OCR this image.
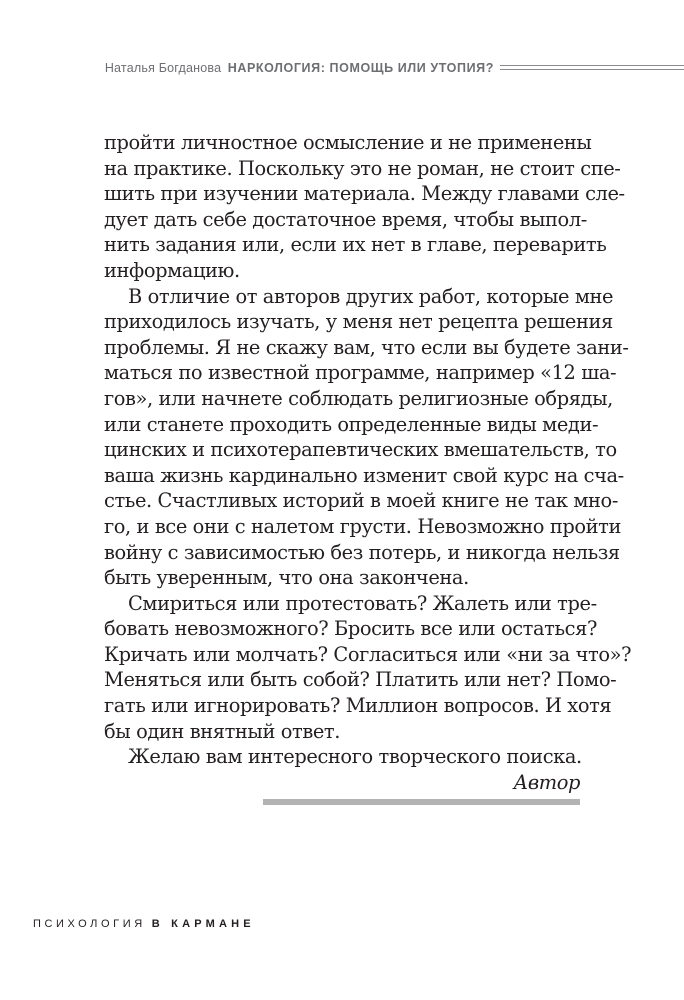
Наталья Богданова НАРКОЛОГИЯ: ПОМОЩЬ ИЛИ УТОПИЯ?
пройти личностное осмысление и не применены
на практике. Поскольку это не роман, не стоит спе-
шить при изучении материала. Между главами сле-
дует дать себе достаточное время, чтобы выпол-
нить задания или, если их нет в главе, переварить
информацию.
В отличие от авторов других работ, которые мне
приходилось изучать, у меня нет рецепта решения
проблемы. Я не скажу вам, что если вы будете зани-
маться по известной программе, например «12 ша-
гов», или начнете соблюдать религиозные обряды,
или станете проходить определенные виды меди-
цинских и психотерапевтических вмешательств, то
ваша жизнь кардинально изменит свой курс на сча-
стье. Счастливых историй в моей книге не так мно-
го, и все они с налетом грусти. Невозможно пройти
войну с зависимостью без потерь, и никогда нельзя
быть уверенным, что она закончена.
Смириться или протестовать? Жалеть или тре-
бовать невозможного? Бросить все или остаться?
Кричать или молчать? Согласиться или «ни за что»?
Меняться или быть собой? Платить или нет? Помо-
гать или игнорировать? Миллион вопросов. И хотя
бы один внятный ответ.
Желаю вам интересного творческого поиска.
Автор
ПСИХОЛОГИЯ В КАРМАНЕ
